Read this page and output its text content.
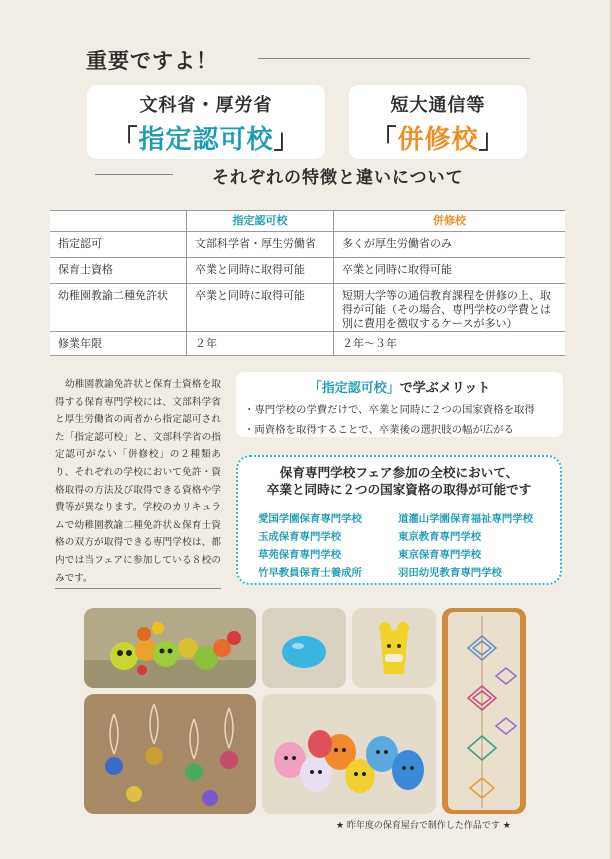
重要ですよ！
文科省・厚労省
「指定認可校」
短大通信等
「併修校」
それぞれの特徴と違いについて
	指定認可校	併修校
指定認可	文部科学省・厚生労働省	多くが厚生労働省のみ
保育士資格	卒業と同時に取得可能	卒業と同時に取得可能
幼稚園教諭二種免許状	卒業と同時に取得可能	短期大学等の通信教育課程を併修の上、取得が可能（その場合、専門学校の学費とは別に費用を徴収するケースが多い）
修業年限	２年	２年～３年
幼稚園教諭免許状と保育士資格を取得する保育専門学校には、文部科学省と厚生労働省の両者から指定認可された「指定認可校」と、文部科学省の指定認可がない「併修校」の２種類あり、それぞれの学校において免許・資格取得の方法及び取得できる資格や学費等が異なります。学校のカリキュラムで幼稚園教諭二種免許状＆保育士資格の双方が取得できる専門学校は、都内では当フェアに参加している８校のみです。
「指定認可校」で学ぶメリット
・専門学校の学費だけで、卒業と同時に２つの国家資格を取得
・両資格を取得することで、卒業後の選択肢の幅が広がる
保育専門学校フェア参加の全校において、
卒業と同時に２つの国家資格の取得が可能です
愛国学園保育専門学校
玉成保育専門学校
草苑保育専門学校
竹早教員保育士養成所
道灌山学園保育福祉専門学校
東京教育専門学校
東京保育専門学校
羽田幼児教育専門学校
★ 昨年度の保育屋台で制作した作品です ★
